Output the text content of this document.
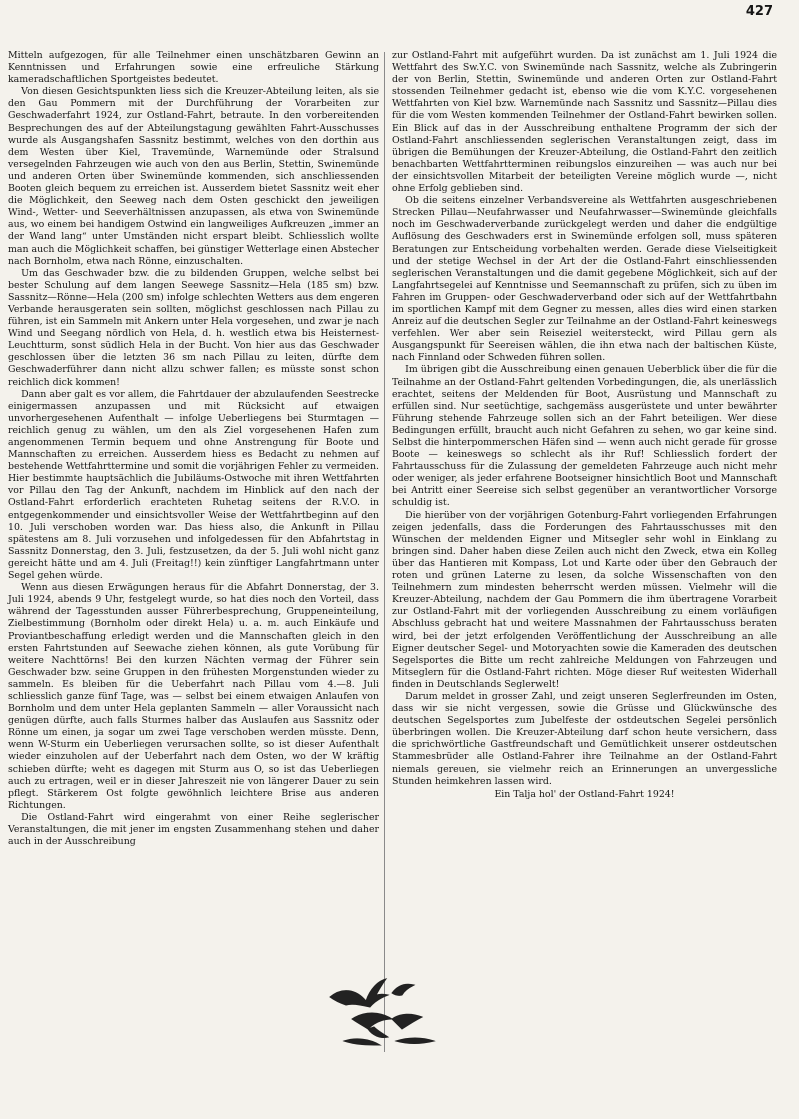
427

Mitteln aufgezogen, für alle Teilnehmer einen unschätzbaren Gewinn an Kenntnissen und Erfahrungen sowie eine erfreuliche Stärkung kameradschaftlichen Sportgeistes bedeutet.

Von diesen Gesichtspunkten liess sich die Kreuzer-Abteilung leiten, als sie den Gau Pommern mit der Durchführung der Vorarbeiten zur Geschwaderfahrt 1924, zur Ostland-Fahrt, betraute. In den vorbereitenden Besprechungen des auf der Abteilungstagung gewählten Fahrt-Ausschusses wurde als Ausgangshafen Sassnitz bestimmt, welches von den dorthin aus dem Westen über Kiel, Travemünde, Warnemünde oder Stralsund versegelnden Fahrzeugen wie auch von den aus Berlin, Stettin, Swinemünde und anderen Orten über Swinemünde kommenden, sich anschliessenden Booten gleich bequem zu erreichen ist. Ausserdem bietet Sassnitz weit eher die Möglichkeit, den Seeweg nach dem Osten geschickt den jeweiligen Wind-, Wetter- und Seeverhältnissen anzupassen, als etwa von Swinemünde aus, wo einem bei handigem Ostwind ein langweiliges Aufkreuzen „immer an der Wand lang“ unter Umständen nicht erspart bleibt. Schliesslich wollte man auch die Möglichkeit schaffen, bei günstiger Wetterlage einen Abstecher nach Bornholm, etwa nach Rönne, einzuschalten.

Um das Geschwader bzw. die zu bildenden Gruppen, welche selbst bei bester Schulung auf dem langen Seewege Sassnitz—Hela (185 sm) bzw. Sassnitz—Rönne—Hela (200 sm) infolge schlechten Wetters aus dem engeren Verbande herausgeraten sein sollten, möglichst geschlossen nach Pillau zu führen, ist ein Sammeln mit Ankern unter Hela vorgesehen, und zwar je nach Wind und Seegang nördlich von Hela, d. h. westlich etwa bis Heisternest-Leuchtturm, sonst südlich Hela in der Bucht. Von hier aus das Geschwader geschlossen über die letzten 36 sm nach Pillau zu leiten, dürfte dem Geschwaderführer dann nicht allzu schwer fallen; es müsste sonst schon reichlich dick kommen!

Dann aber galt es vor allem, die Fahrtdauer der abzulaufenden Seestrecke einigermassen anzupassen und mit Rücksicht auf etwaigen unvorhergesehenen Aufenthalt — infolge Ueberliegens bei Sturmtagen — reichlich genug zu wählen, um den als Ziel vorgesehenen Hafen zum angenommenen Termin bequem und ohne Anstrengung für Boote und Mannschaften zu erreichen. Ausserdem hiess es Bedacht zu nehmen auf bestehende Wettfahrttermine und somit die vorjährigen Fehler zu vermeiden. Hier bestimmte hauptsächlich die Jubiläums-Ostwoche mit ihren Wettfahrten vor Pillau den Tag der Ankunft, nachdem im Hinblick auf den nach der Ostland-Fahrt erforderlich erachteten Ruhetag seitens der R.V.O. in entgegenkommender und einsichtsvoller Weise der Wettfahrtbeginn auf den 10. Juli verschoben worden war. Das hiess also, die Ankunft in Pillau spätestens am 8. Juli vorzusehen und infolgedessen für den Abfahrtstag in Sassnitz Donnerstag, den 3. Juli, festzusetzen, da der 5. Juli wohl nicht ganz gereicht hätte und am 4. Juli (Freitag!!) kein zünftiger Langfahrtmann unter Segel gehen würde.

Wenn aus diesen Erwägungen heraus für die Abfahrt Donnerstag, der 3. Juli 1924, abends 9 Uhr, festgelegt wurde, so hat dies noch den Vorteil, dass während der Tagesstunden ausser Führerbesprechung, Gruppeneinteilung, Zielbestimmung (Bornholm oder direkt Hela) u. a. m. auch Einkäufe und Proviantbeschaffung erledigt werden und die Mannschaften gleich in den ersten Fahrtstunden auf Seewache ziehen können, als gute Vorübung für weitere Nachttörns! Bei den kurzen Nächten vermag der Führer sein Geschwader bzw. seine Gruppen in den frühesten Morgenstunden wieder zu sammeln. Es bleiben für die Ueberfahrt nach Pillau vom 4.—8. Juli schliesslich ganze fünf Tage, was — selbst bei einem etwaigen Anlaufen von Bornholm und dem unter Hela geplanten Sammeln — aller Voraussicht nach genügen dürfte, auch falls Sturmes halber das Auslaufen aus Sassnitz oder Rönne um einen, ja sogar um zwei Tage verschoben werden müsste. Denn, wenn W-Sturm ein Ueberliegen verursachen sollte, so ist dieser Aufenthalt wieder einzuholen auf der Ueberfahrt nach dem Osten, wo der W kräftig schieben dürfte; weht es dagegen mit Sturm aus O, so ist das Ueberliegen auch zu ertragen, weil er in dieser Jahreszeit nie von längerer Dauer zu sein pflegt. Stärkerem Ost folgte gewöhnlich leichtere Brise aus anderen Richtungen.

Die Ostland-Fahrt wird eingerahmt von einer Reihe seglerischer Veranstaltungen, die mit jener im engsten Zusammenhang stehen und daher auch in der Ausschreibung

zur Ostland-Fahrt mit aufgeführt wurden. Da ist zunächst am 1. Juli 1924 die Wettfahrt des Sw.Y.C. von Swinemünde nach Sassnitz, welche als Zubringerin der von Berlin, Stettin, Swinemünde und anderen Orten zur Ostland-Fahrt stossenden Teilnehmer gedacht ist, ebenso wie die vom K.Y.C. vorgesehenen Wettfahrten von Kiel bzw. Warnemünde nach Sassnitz und Sassnitz—Pillau dies für die vom Westen kommenden Teilnehmer der Ostland-Fahrt bewirken sollen. Ein Blick auf das in der Ausschreibung enthaltene Programm der sich der Ostland-Fahrt anschliessenden seglerischen Veranstaltungen zeigt, dass im übrigen die Bemühungen der Kreuzer-Abteilung, die Ostland-Fahrt den zeitlich benachbarten Wettfahrtterminen reibungslos einzureihen — was auch nur bei der einsichtsvollen Mitarbeit der beteiligten Vereine möglich wurde —, nicht ohne Erfolg geblieben sind.

Ob die seitens einzelner Verbandsvereine als Wettfahrten ausgeschriebenen Strecken Pillau—Neufahrwasser und Neufahrwasser—Swinemünde gleichfalls noch im Geschwaderverbande zurückgelegt werden und daher die endgültige Auflösung des Geschwaders erst in Swinemünde erfolgen soll, muss späteren Beratungen zur Entscheidung vorbehalten werden. Gerade diese Vielseitigkeit und der stetige Wechsel in der Art der die Ostland-Fahrt einschliessenden seglerischen Veranstaltungen und die damit gegebene Möglichkeit, sich auf der Langfahrtsegelei auf Kenntnisse und Seemannschaft zu prüfen, sich zu üben im Fahren im Gruppen- oder Geschwaderverband oder sich auf der Wettfahrtbahn im sportlichen Kampf mit dem Gegner zu messen, alles dies wird einen starken Anreiz auf die deutschen Segler zur Teilnahme an der Ostland-Fahrt keineswegs verfehlen. Wer aber sein Reiseziel weitersteckt, wird Pillau gern als Ausgangspunkt für Seereisen wählen, die ihn etwa nach der baltischen Küste, nach Finnland oder Schweden führen sollen.

Im übrigen gibt die Ausschreibung einen genauen Ueberblick über die für die Teilnahme an der Ostland-Fahrt geltenden Vorbedingungen, die, als unerlässlich erachtet, seitens der Meldenden für Boot, Ausrüstung und Mannschaft zu erfüllen sind. Nur seetüchtige, sachgemäss ausgerüstete und unter bewährter Führung stehende Fahrzeuge sollen sich an der Fahrt beteiligen. Wer diese Bedingungen erfüllt, braucht auch nicht Gefahren zu sehen, wo gar keine sind. Selbst die hinterpommerschen Häfen sind — wenn auch nicht gerade für grosse Boote — keineswegs so schlecht als ihr Ruf! Schliesslich fordert der Fahrtausschuss für die Zulassung der gemeldeten Fahrzeuge auch nicht mehr oder weniger, als jeder erfahrene Bootseigner hinsichtlich Boot und Mannschaft bei Antritt einer Seereise sich selbst gegenüber an verantwortlicher Vorsorge schuldig ist.

Die hierüber von der vorjährigen Gotenburg-Fahrt vorliegenden Erfahrungen zeigen jedenfalls, dass die Forderungen des Fahrtausschusses mit den Wünschen der meldenden Eigner und Mitsegler sehr wohl in Einklang zu bringen sind. Daher haben diese Zeilen auch nicht den Zweck, etwa ein Kolleg über das Hantieren mit Kompass, Lot und Karte oder über den Gebrauch der roten und grünen Laterne zu lesen, da solche Wissenschaften von den Teilnehmern zum mindesten beherrscht werden müssen. Vielmehr will die Kreuzer-Abteilung, nachdem der Gau Pommern die ihm übertragene Vorarbeit zur Ostland-Fahrt mit der vorliegenden Ausschreibung zu einem vorläufigen Abschluss gebracht hat und weitere Massnahmen der Fahrtausschuss beraten wird, bei der jetzt erfolgenden Veröffentlichung der Ausschreibung an alle Eigner deutscher Segel- und Motoryachten sowie die Kameraden des deutschen Segelsportes die Bitte um recht zahlreiche Meldungen von Fahrzeugen und Mitseglern für die Ostland-Fahrt richten. Möge dieser Ruf weitesten Widerhall finden in Deutschlands Seglerwelt!

Darum meldet in grosser Zahl, und zeigt unseren Seglerfreunden im Osten, dass wir sie nicht vergessen, sowie die Grüsse und Glückwünsche des deutschen Segelsportes zum Jubelfeste der ostdeutschen Segelei persönlich überbringen wollen. Die Kreuzer-Abteilung darf schon heute versichern, dass die sprichwörtliche Gastfreundschaft und Gemütlichkeit unserer ostdeutschen Stammesbrüder alle Ostland-Fahrer ihre Teilnahme an der Ostland-Fahrt niemals gereuen, sie vielmehr reich an Erinnerungen an unvergessliche Stunden heimkehren lassen wird.

Ein Talja hol' der Ostland-Fahrt 1924!
